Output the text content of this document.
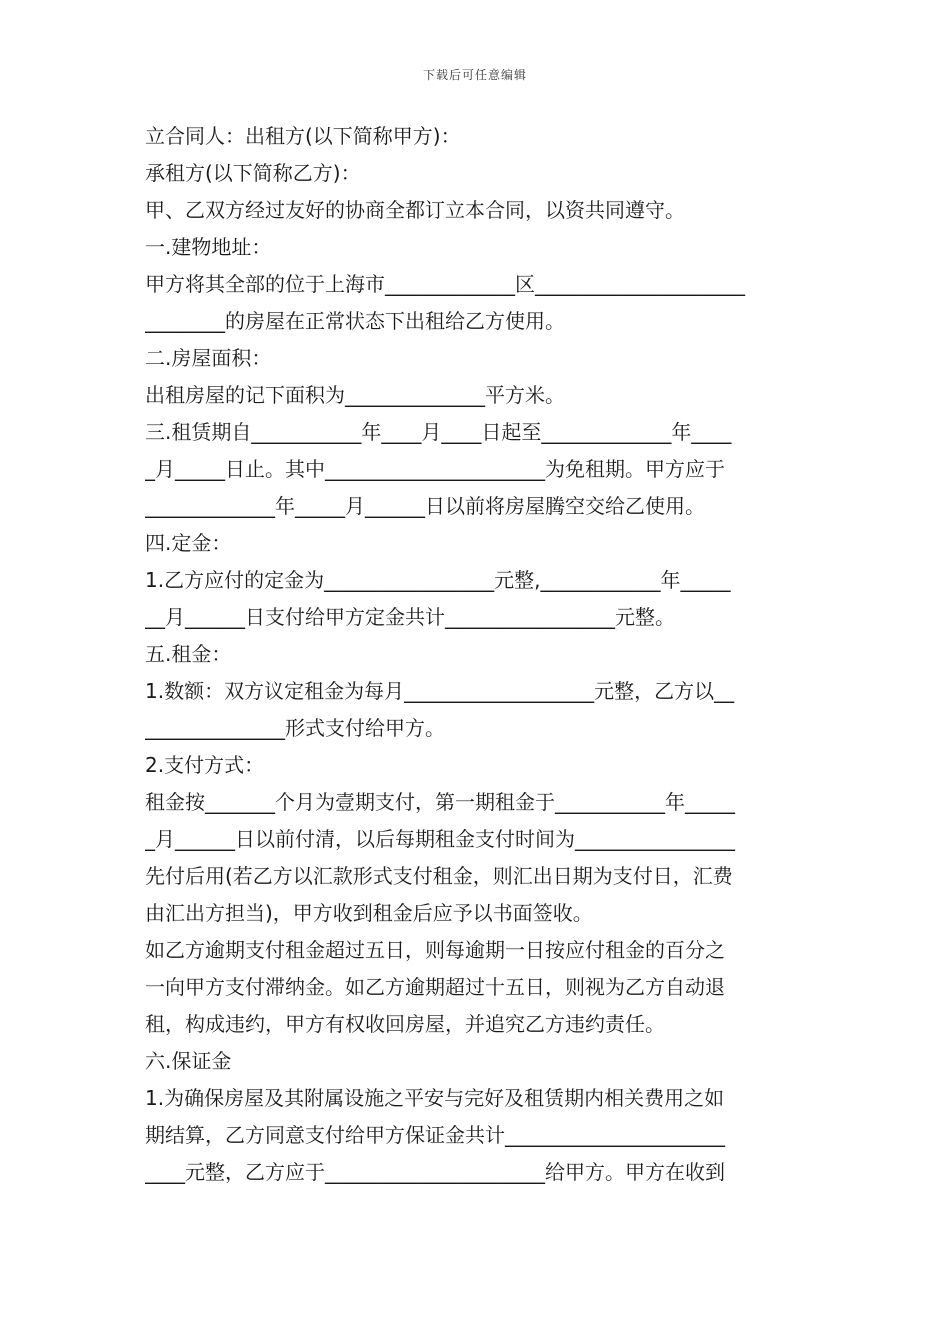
下载后可任意编辑
立合同人：出租方(以下简称甲方)：
承租方(以下简称乙方)：
甲、乙双方经过友好的协商全都订立本合同，以资共同遵守。
一.建物地址：
甲方将其全部的位于上海市_____________区_____________________
________的房屋在正常状态下出租给乙方使用。
二.房屋面积：
出租房屋的记下面积为______________平方米。
三.租赁期自___________年____月____日起至_____________年____
_月_____日止。其中______________________为免租期。甲方应于
_____________年_____月______日以前将房屋腾空交给乙使用。
四.定金：
1.乙方应付的定金为_________________元整,____________年_____
__月______日支付给甲方定金共计_________________元整。
五.租金：
1.数额：双方议定租金为每月___________________元整，乙方以__
______________形式支付给甲方。
2.支付方式：
租金按_______个月为壹期支付，第一期租金于___________年_____
_月______日以前付清，以后每期租金支付时间为________________
先付后用(若乙方以汇款形式支付租金，则汇出日期为支付日，汇费
由汇出方担当)，甲方收到租金后应予以书面签收。
如乙方逾期支付租金超过五日，则每逾期一日按应付租金的百分之
一向甲方支付滞纳金。如乙方逾期超过十五日，则视为乙方自动退
租，构成违约，甲方有权收回房屋，并追究乙方违约责任。
六.保证金
1.为确保房屋及其附属设施之平安与完好及租赁期内相关费用之如
期结算，乙方同意支付给甲方保证金共计______________________
____元整，乙方应于______________________给甲方。甲方在收到
